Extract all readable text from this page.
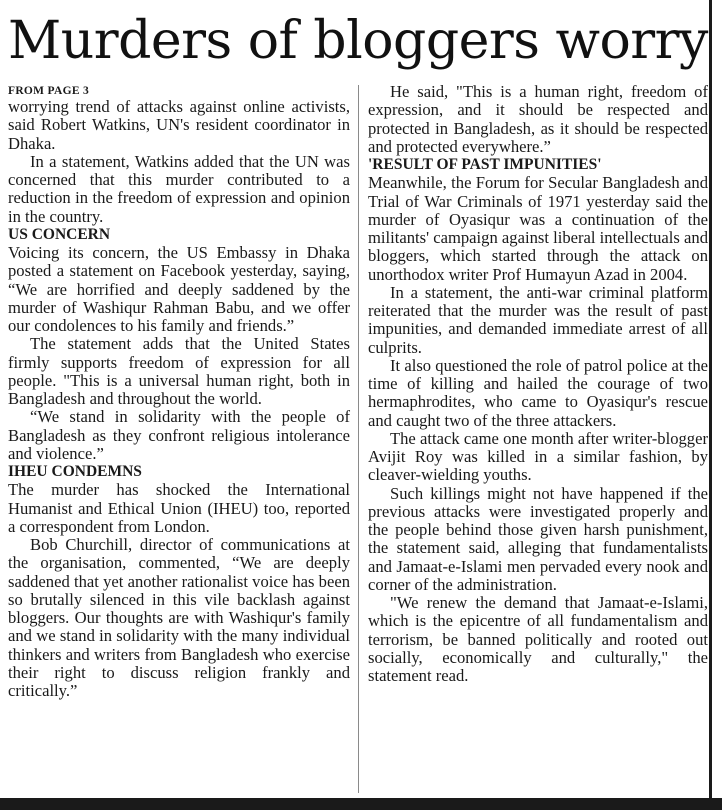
Murders of bloggers worry
FROM PAGE 3

worrying trend of attacks against online activists, said Robert Watkins, UN's resident coordinator in Dhaka.

In a statement, Watkins added that the UN was concerned that this murder contributed to a reduction in the freedom of expression and opinion in the country.

US CONCERN

Voicing its concern, the US Embassy in Dhaka posted a statement on Facebook yesterday, saying, “We are horrified and deeply saddened by the murder of Washiqur Rahman Babu, and we offer our condolences to his family and friends.”

The statement adds that the United States firmly supports freedom of expression for all people. "This is a universal human right, both in Bangladesh and throughout the world.

“We stand in solidarity with the people of Bangladesh as they confront religious intolerance and violence.”

IHEU CONDEMNS

The murder has shocked the International Humanist and Ethical Union (IHEU) too, reported a correspondent from London.

Bob Churchill, director of communications at the organisation, commented, “We are deeply saddened that yet another rationalist voice has been so brutally silenced in this vile backlash against bloggers. Our thoughts are with Washiqur's family and we stand in solidarity with the many individual thinkers and writers from Bangladesh who exercise their right to discuss religion frankly and critically.”

He said, "This is a human right, freedom of expression, and it should be respected and protected in Bangladesh, as it should be respected and protected everywhere.”

'RESULT OF PAST IMPUNITIES'

Meanwhile, the Forum for Secular Bangladesh and Trial of War Criminals of 1971 yesterday said the murder of Oyasiqur was a continuation of the militants' campaign against liberal intellectuals and bloggers, which started through the attack on unorthodox writer Prof Humayun Azad in 2004.

In a statement, the anti-war criminal platform reiterated that the murder was the result of past impunities, and demanded immediate arrest of all culprits.

It also questioned the role of patrol police at the time of killing and hailed the courage of two hermaphrodites, who came to Oyasiqur's rescue and caught two of the three attackers.

The attack came one month after writer-blogger Avijit Roy was killed in a similar fashion, by cleaver-wielding youths.

Such killings might not have happened if the previous attacks were investigated properly and the people behind those given harsh punishment, the statement said, alleging that fundamentalists and Jamaat-e-Islami men pervaded every nook and corner of the administration.

"We renew the demand that Jamaat-e-Islami, which is the epicentre of all fundamentalism and terrorism, be banned politically and rooted out socially, economically and culturally," the statement read.
